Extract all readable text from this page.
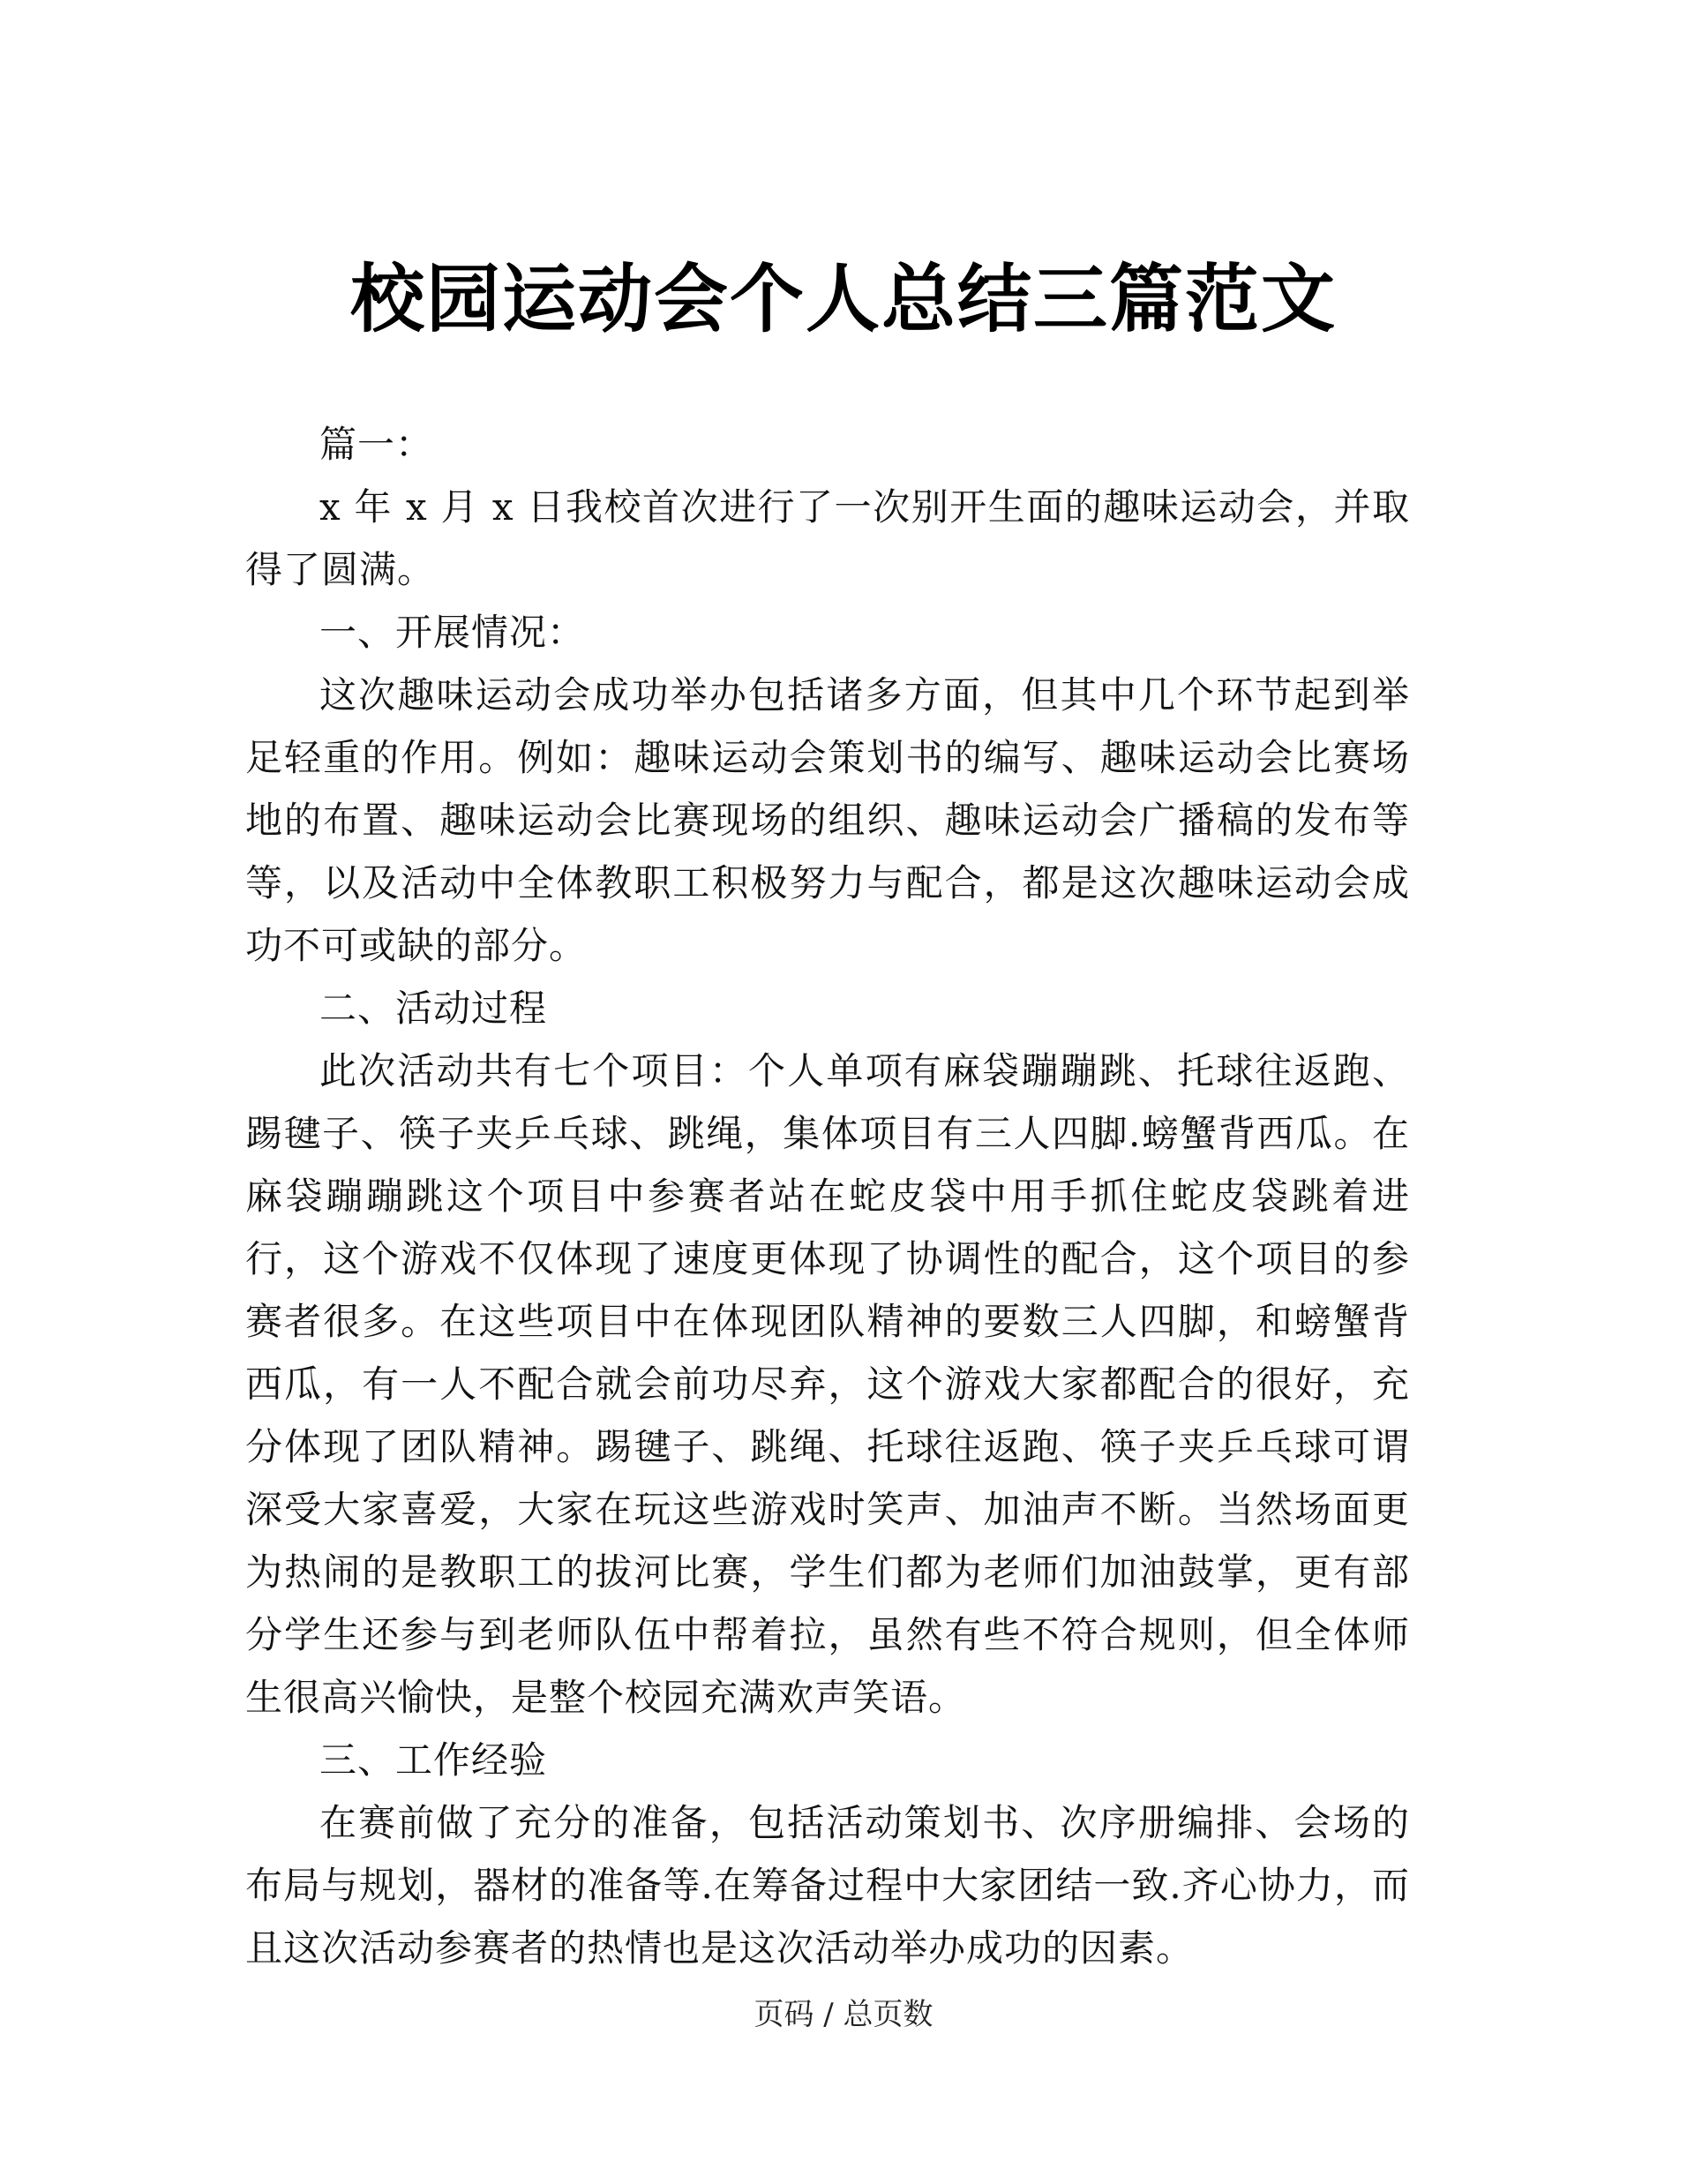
校园运动会个人总结三篇范文

篇一：

x 年 x 月 x 日我校首次进行了一次别开生面的趣味运动会，并取得了圆满。

一、开展情况：

这次趣味运动会成功举办包括诸多方面，但其中几个环节起到举足轻重的作用。例如：趣味运动会策划书的编写、趣味运动会比赛场地的布置、趣味运动会比赛现场的组织、趣味运动会广播稿的发布等等，以及活动中全体教职工积极努力与配合，都是这次趣味运动会成功不可或缺的部分。

二、活动过程

此次活动共有七个项目：个人单项有麻袋蹦蹦跳、托球往返跑、踢毽子、筷子夹乒乓球、跳绳，集体项目有三人四脚.螃蟹背西瓜。在麻袋蹦蹦跳这个项目中参赛者站在蛇皮袋中用手抓住蛇皮袋跳着进行，这个游戏不仅体现了速度更体现了协调性的配合，这个项目的参赛者很多。在这些项目中在体现团队精神的要数三人四脚，和螃蟹背西瓜，有一人不配合就会前功尽弃，这个游戏大家都配合的很好，充分体现了团队精神。踢毽子、跳绳、托球往返跑、筷子夹乒乓球可谓深受大家喜爱，大家在玩这些游戏时笑声、加油声不断。当然场面更为热闹的是教职工的拔河比赛，学生们都为老师们加油鼓掌，更有部分学生还参与到老师队伍中帮着拉，虽然有些不符合规则，但全体师生很高兴愉快，是整个校园充满欢声笑语。

三、工作经验

在赛前做了充分的准备，包括活动策划书、次序册编排、会场的布局与规划，器材的准备等.在筹备过程中大家团结一致.齐心协力，而且这次活动参赛者的热情也是这次活动举办成功的因素。

页码 / 总页数
